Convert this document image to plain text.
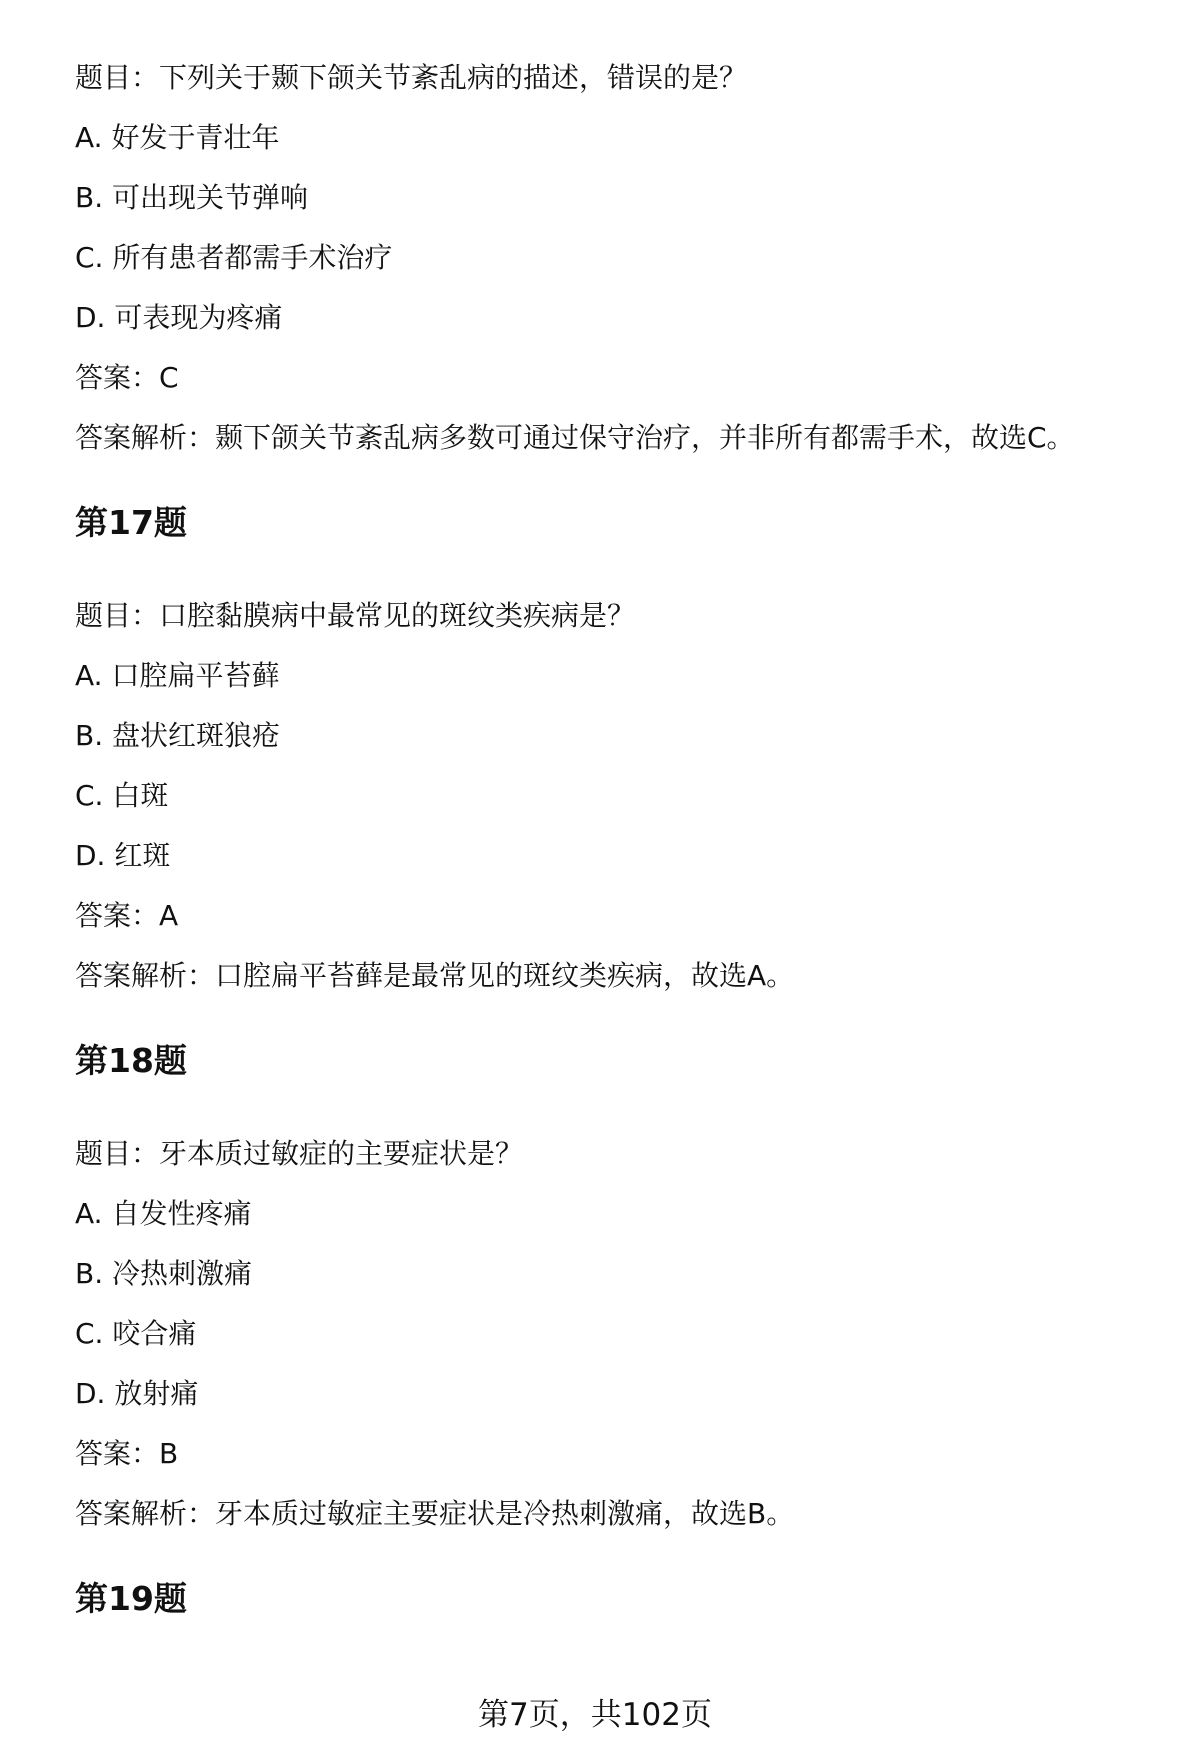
题目：下列关于颞下颌关节紊乱病的描述，错误的是？
A. 好发于青壮年
B. 可出现关节弹响
C. 所有患者都需手术治疗
D. 可表现为疼痛
答案：C
答案解析：颞下颌关节紊乱病多数可通过保守治疗，并非所有都需手术，故选C。
第17题
题目：口腔黏膜病中最常见的斑纹类疾病是？
A. 口腔扁平苔藓
B. 盘状红斑狼疮
C. 白斑
D. 红斑
答案：A
答案解析：口腔扁平苔藓是最常见的斑纹类疾病，故选A。
第18题
题目：牙本质过敏症的主要症状是？
A. 自发性疼痛
B. 冷热刺激痛
C. 咬合痛
D. 放射痛
答案：B
答案解析：牙本质过敏症主要症状是冷热刺激痛，故选B。
第19题
第7页，共102页
